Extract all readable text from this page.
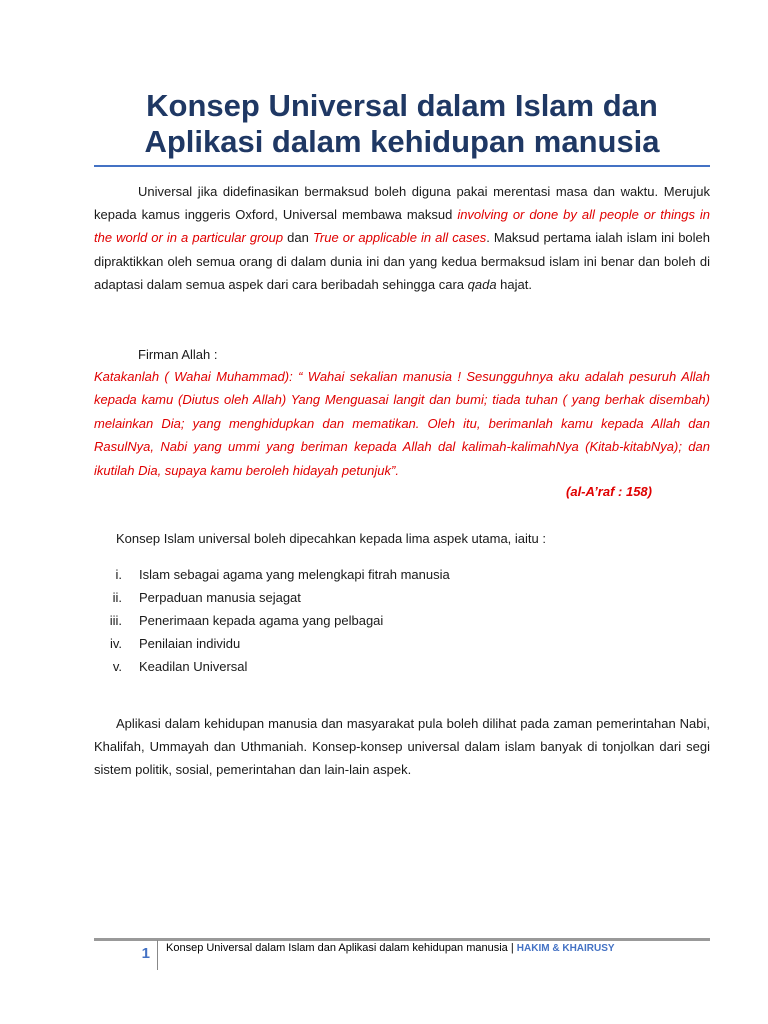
Konsep Universal dalam Islam dan
Aplikasi dalam kehidupan manusia
Universal jika didefinasikan bermaksud boleh diguna pakai merentasi masa dan waktu. Merujuk kepada kamus inggeris Oxford, Universal membawa maksud involving or done by all people or things in the world or in a particular group dan True or applicable in all cases. Maksud pertama ialah islam ini boleh dipraktikkan oleh semua orang di dalam dunia ini dan yang kedua bermaksud islam ini benar dan boleh di adaptasi dalam semua aspek dari cara beribadah sehingga cara qada hajat.
Firman Allah :
Katakanlah ( Wahai Muhammad): “ Wahai sekalian manusia ! Sesungguhnya aku adalah pesuruh Allah kepada kamu (Diutus oleh Allah) Yang Menguasai langit dan bumi; tiada tuhan ( yang berhak disembah) melainkan Dia; yang menghidupkan dan mematikan. Oleh itu, berimanlah kamu kepada Allah dan RasulNya, Nabi yang ummi yang beriman kepada Allah dal kalimah-kalimahNya (Kitab-kitabNya); dan ikutilah Dia, supaya kamu beroleh hidayah petunjuk”.
(al-A’raf : 158)
Konsep Islam universal boleh dipecahkan kepada lima aspek utama, iaitu :
i. Islam sebagai agama yang melengkapi fitrah manusia
ii. Perpaduan manusia sejagat
iii. Penerimaan kepada agama yang pelbagai
iv. Penilaian individu
v. Keadilan Universal
Aplikasi dalam kehidupan manusia dan masyarakat pula boleh dilihat pada zaman pemerintahan Nabi, Khalifah, Ummayah dan Uthmaniah. Konsep-konsep universal dalam islam banyak di tonjolkan dari segi sistem politik, sosial, pemerintahan dan lain-lain aspek.
1 Konsep Universal dalam Islam dan Aplikasi dalam kehidupan manusia | HAKIM & KHAIRUSY
